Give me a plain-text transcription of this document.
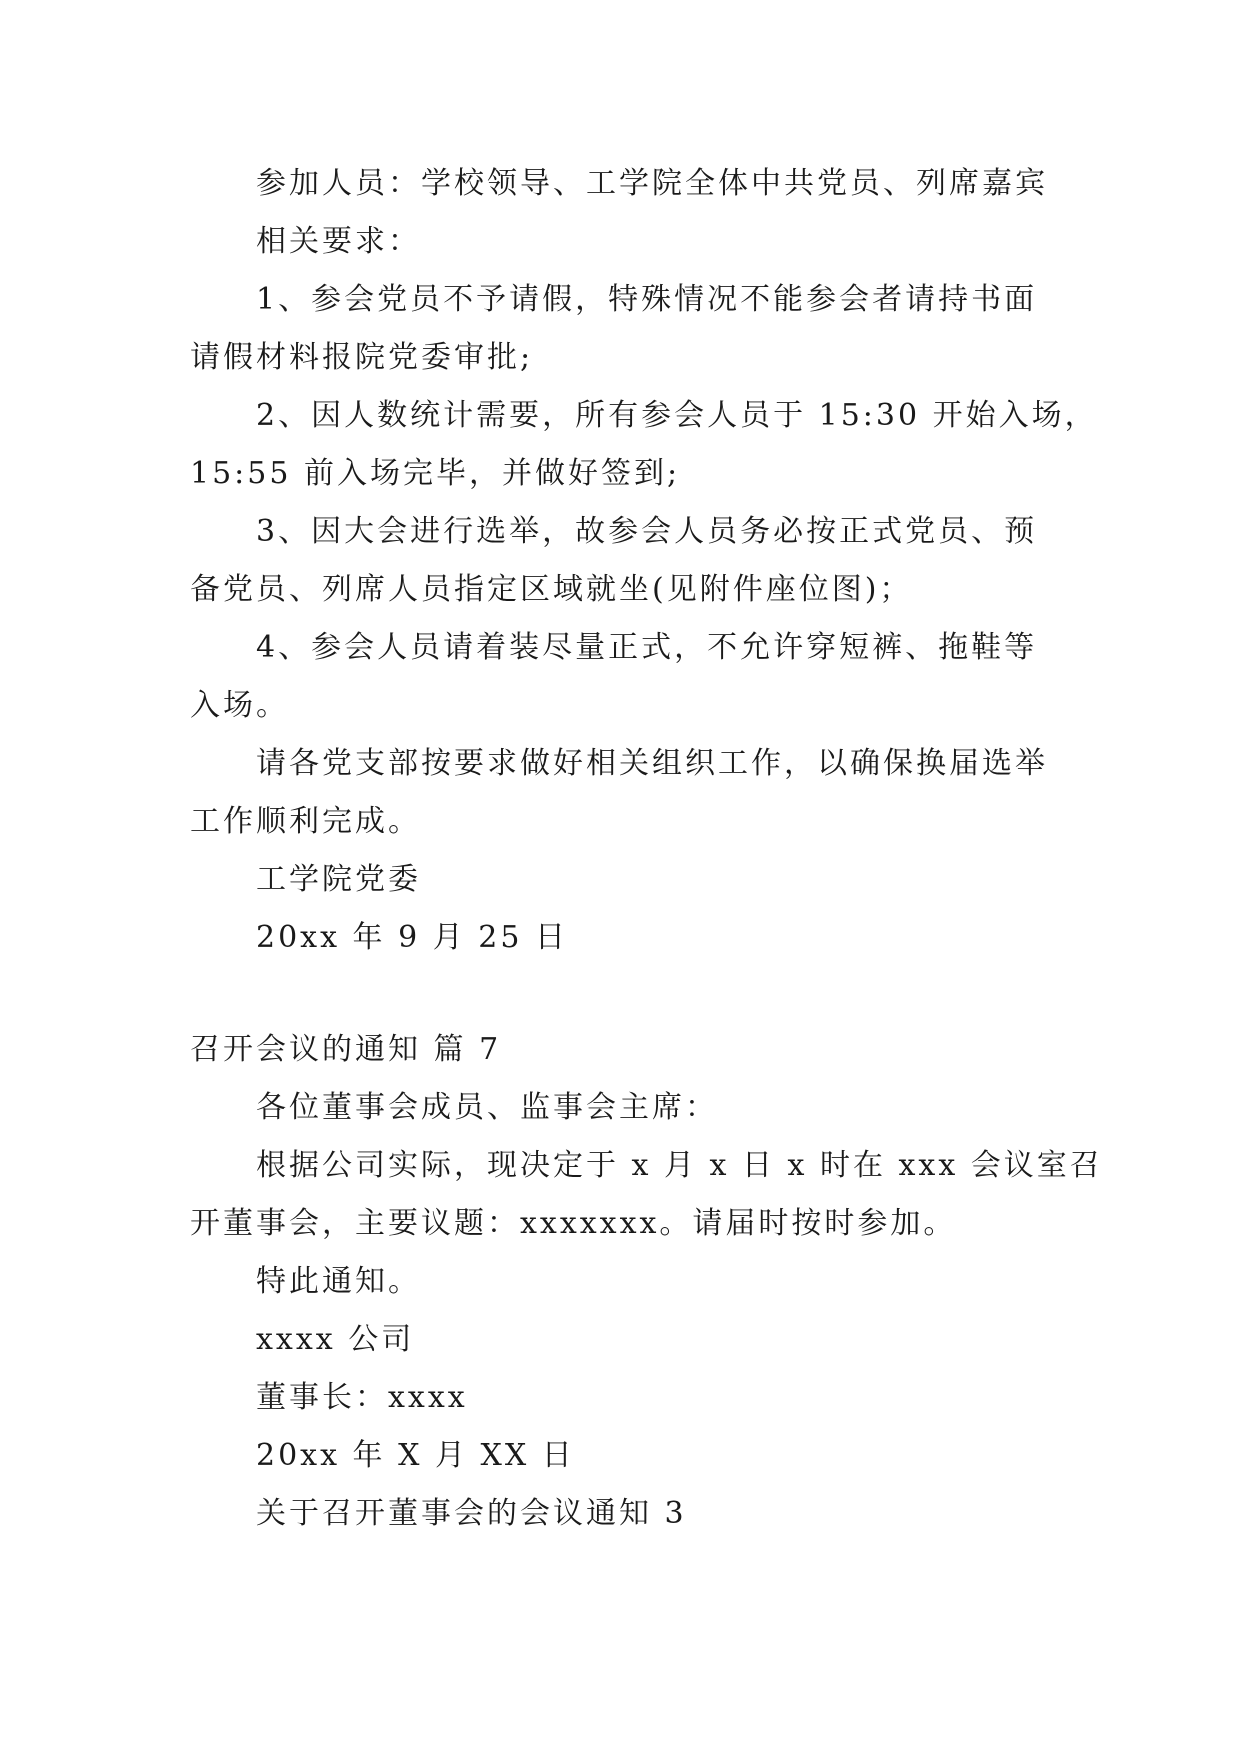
参加人员：学校领导、工学院全体中共党员、列席嘉宾

相关要求：

1、参会党员不予请假，特殊情况不能参会者请持书面

请假材料报院党委审批;

2、因人数统计需要，所有参会人员于 15:30 开始入场，

15:55 前入场完毕，并做好签到;

3、因大会进行选举，故参会人员务必按正式党员、预

备党员、列席人员指定区域就坐(见附件座位图)；

4、参会人员请着装尽量正式，不允许穿短裤、拖鞋等

入场。

请各党支部按要求做好相关组织工作，以确保换届选举

工作顺利完成。

工学院党委

20xx 年 9 月 25 日

召开会议的通知 篇 7

各位董事会成员、监事会主席：

根据公司实际，现决定于 x 月 x 日 x 时在 xxx 会议室召

开董事会，主要议题：xxxxxxx。请届时按时参加。

特此通知。

xxxx 公司

董事长：xxxx

20xx 年 X 月 XX 日

关于召开董事会的会议通知 3
